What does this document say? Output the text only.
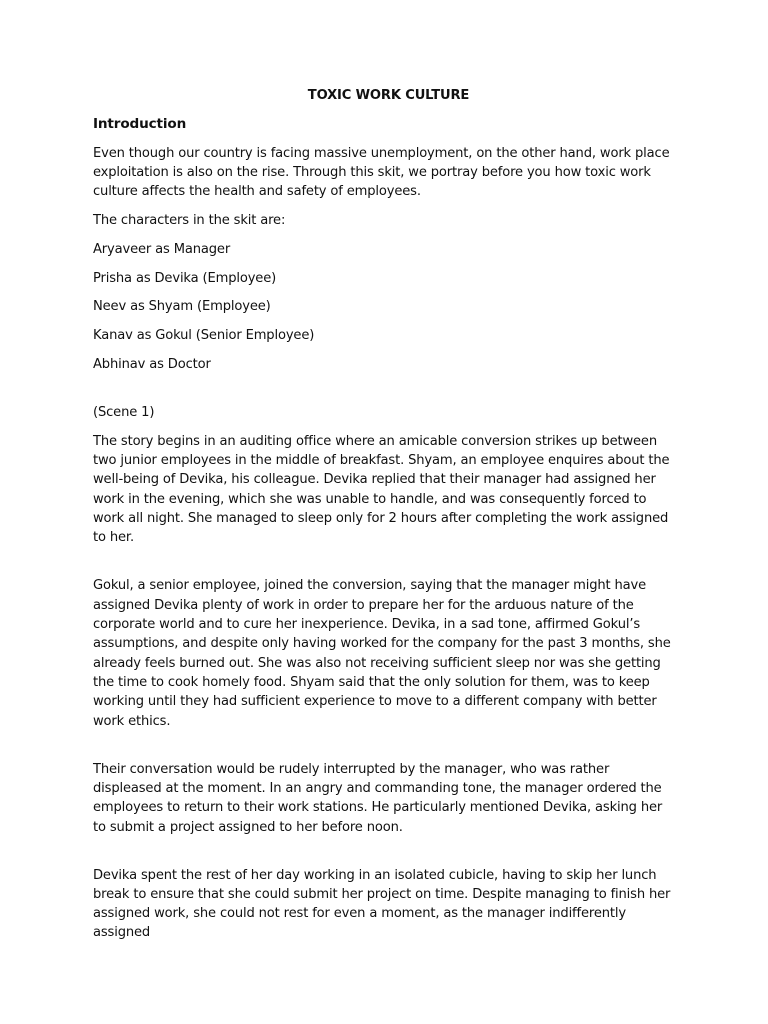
TOXIC WORK CULTURE
Introduction

Even though our country is facing massive unemployment, on the other hand, work place exploitation is also on the rise. Through this skit, we portray before you how toxic work culture affects the health and safety of employees.

The characters in the skit are:

Aryaveer as Manager

Prisha as Devika (Employee)

Neev as Shyam (Employee)

Kanav as Gokul (Senior Employee)

Abhinav as Doctor

(Scene 1)

The story begins in an auditing office where an amicable conversion strikes up between two junior employees in the middle of breakfast. Shyam, an employee enquires about the well-being of Devika, his colleague. Devika replied that their manager had assigned her work in the evening, which she was unable to handle, and was consequently forced to work all night. She managed to sleep only for 2 hours after completing the work assigned to her.

Gokul, a senior employee, joined the conversion, saying that the manager might have assigned Devika plenty of work in order to prepare her for the arduous nature of the corporate world and to cure her inexperience. Devika, in a sad tone, affirmed Gokul’s assumptions, and despite only having worked for the company for the past 3 months, she already feels burned out. She was also not receiving sufficient sleep nor was she getting the time to cook homely food. Shyam said that the only solution for them, was to keep working until they had sufficient experience to move to a different company with better work ethics.

Their conversation would be rudely interrupted by the manager, who was rather displeased at the moment. In an angry and commanding tone, the manager ordered the employees to return to their work stations. He particularly mentioned Devika, asking her to submit a project assigned to her before noon.

Devika spent the rest of her day working in an isolated cubicle, having to skip her lunch break to ensure that she could submit her project on time. Despite managing to finish her assigned work, she could not rest for even a moment, as the manager indifferently assigned
